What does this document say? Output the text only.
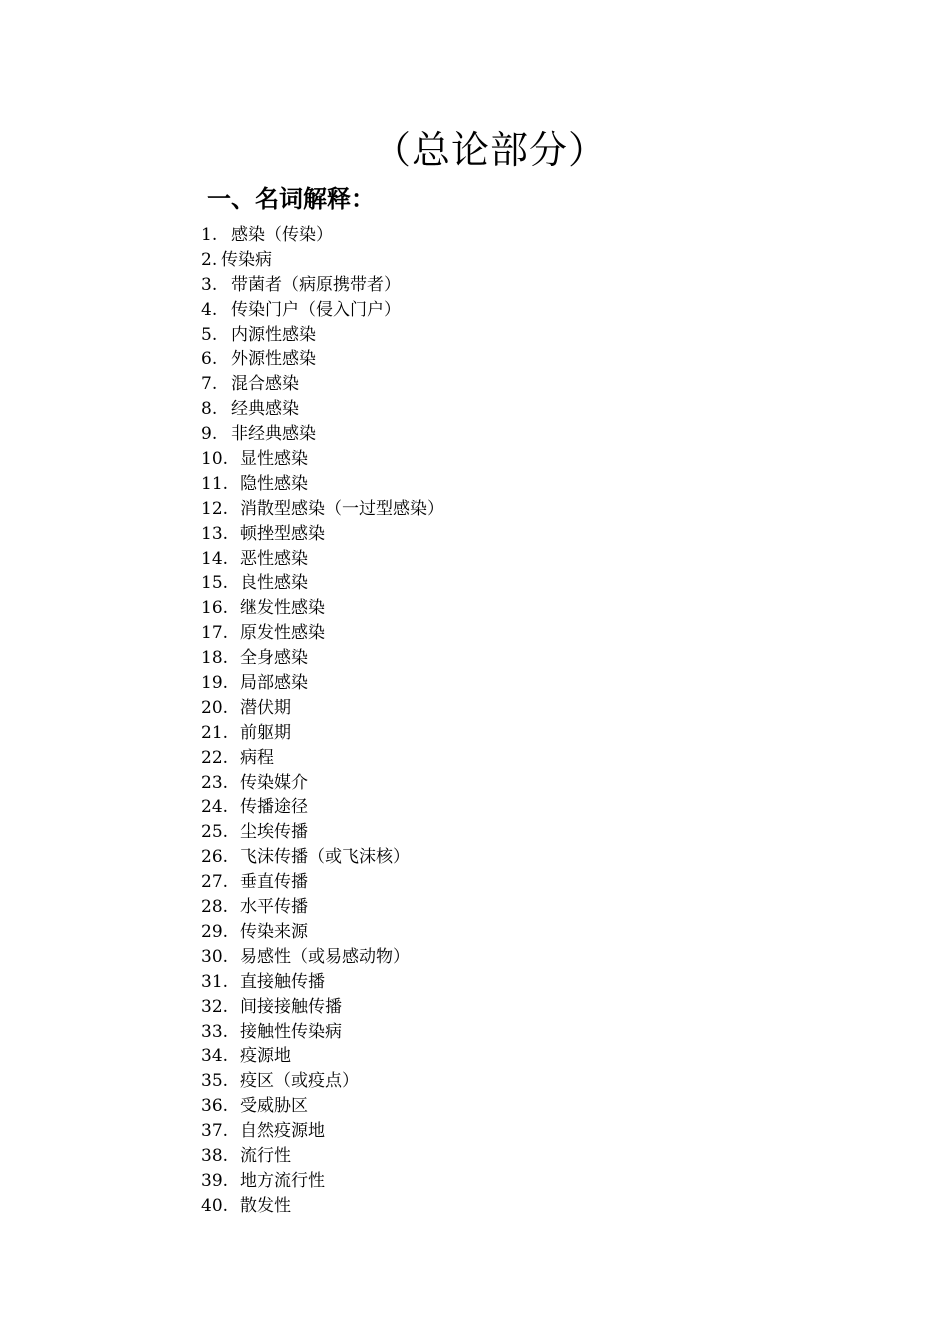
（总论部分）
一、名词解释：
1. 感染（传染）
2. 传染病
3. 带菌者（病原携带者）
4. 传染门户（侵入门户）
5. 内源性感染
6. 外源性感染
7. 混合感染
8. 经典感染
9. 非经典感染
10. 显性感染
11. 隐性感染
12. 消散型感染（一过型感染）
13. 顿挫型感染
14. 恶性感染
15. 良性感染
16. 继发性感染
17. 原发性感染
18. 全身感染
19. 局部感染
20. 潜伏期
21. 前躯期
22. 病程
23. 传染媒介
24. 传播途径
25. 尘埃传播
26. 飞沫传播（或飞沫核）
27. 垂直传播
28. 水平传播
29. 传染来源
30. 易感性（或易感动物）
31. 直接触传播
32. 间接接触传播
33. 接触性传染病
34. 疫源地
35. 疫区（或疫点）
36. 受威胁区
37. 自然疫源地
38. 流行性
39. 地方流行性
40. 散发性
